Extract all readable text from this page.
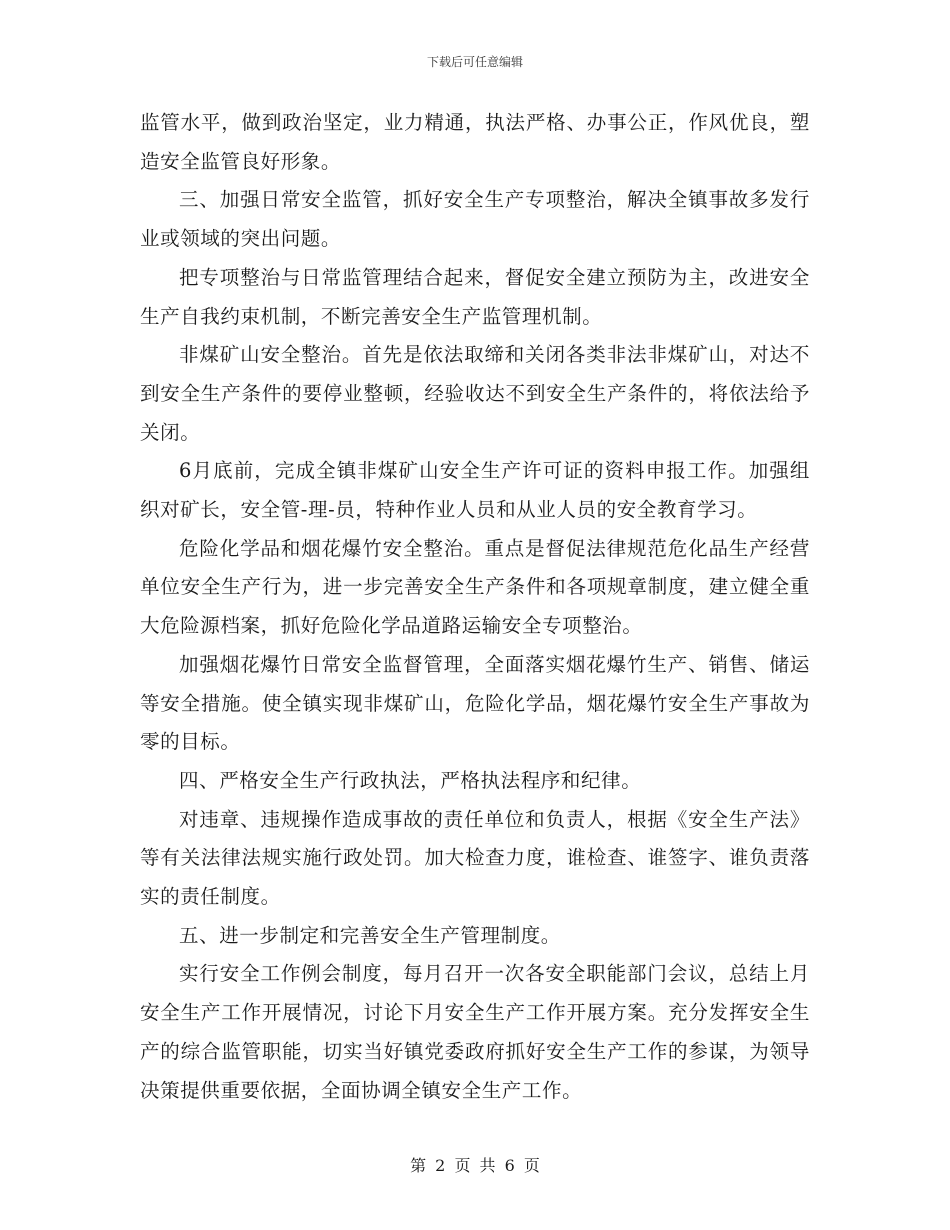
下载后可任意编辑

监管水平，做到政治坚定，业力精通，执法严格、办事公正，作风优良，塑造安全监管良好形象。

三、加强日常安全监管，抓好安全生产专项整治，解决全镇事故多发行业或领域的突出问题。

把专项整治与日常监管理结合起来，督促安全建立预防为主，改进安全生产自我约束机制，不断完善安全生产监管理机制。

非煤矿山安全整治。首先是依法取缔和关闭各类非法非煤矿山，对达不到安全生产条件的要停业整顿，经验收达不到安全生产条件的，将依法给予关闭。

6月底前，完成全镇非煤矿山安全生产许可证的资料申报工作。加强组织对矿长，安全管-理-员，特种作业人员和从业人员的安全教育学习。

危险化学品和烟花爆竹安全整治。重点是督促法律规范危化品生产经营单位安全生产行为，进一步完善安全生产条件和各项规章制度，建立健全重大危险源档案，抓好危险化学品道路运输安全专项整治。

加强烟花爆竹日常安全监督管理，全面落实烟花爆竹生产、销售、储运等安全措施。使全镇实现非煤矿山，危险化学品，烟花爆竹安全生产事故为零的目标。

四、严格安全生产行政执法，严格执法程序和纪律。

对违章、违规操作造成事故的责任单位和负责人，根据《安全生产法》等有关法律法规实施行政处罚。加大检查力度，谁检查、谁签字、谁负责落实的责任制度。

五、进一步制定和完善安全生产管理制度。

实行安全工作例会制度，每月召开一次各安全职能部门会议，总结上月安全生产工作开展情况，讨论下月安全生产工作开展方案。充分发挥安全生产的综合监管职能，切实当好镇党委政府抓好安全生产工作的参谋，为领导决策提供重要依据，全面协调全镇安全生产工作。

第 2 页 共 6 页
